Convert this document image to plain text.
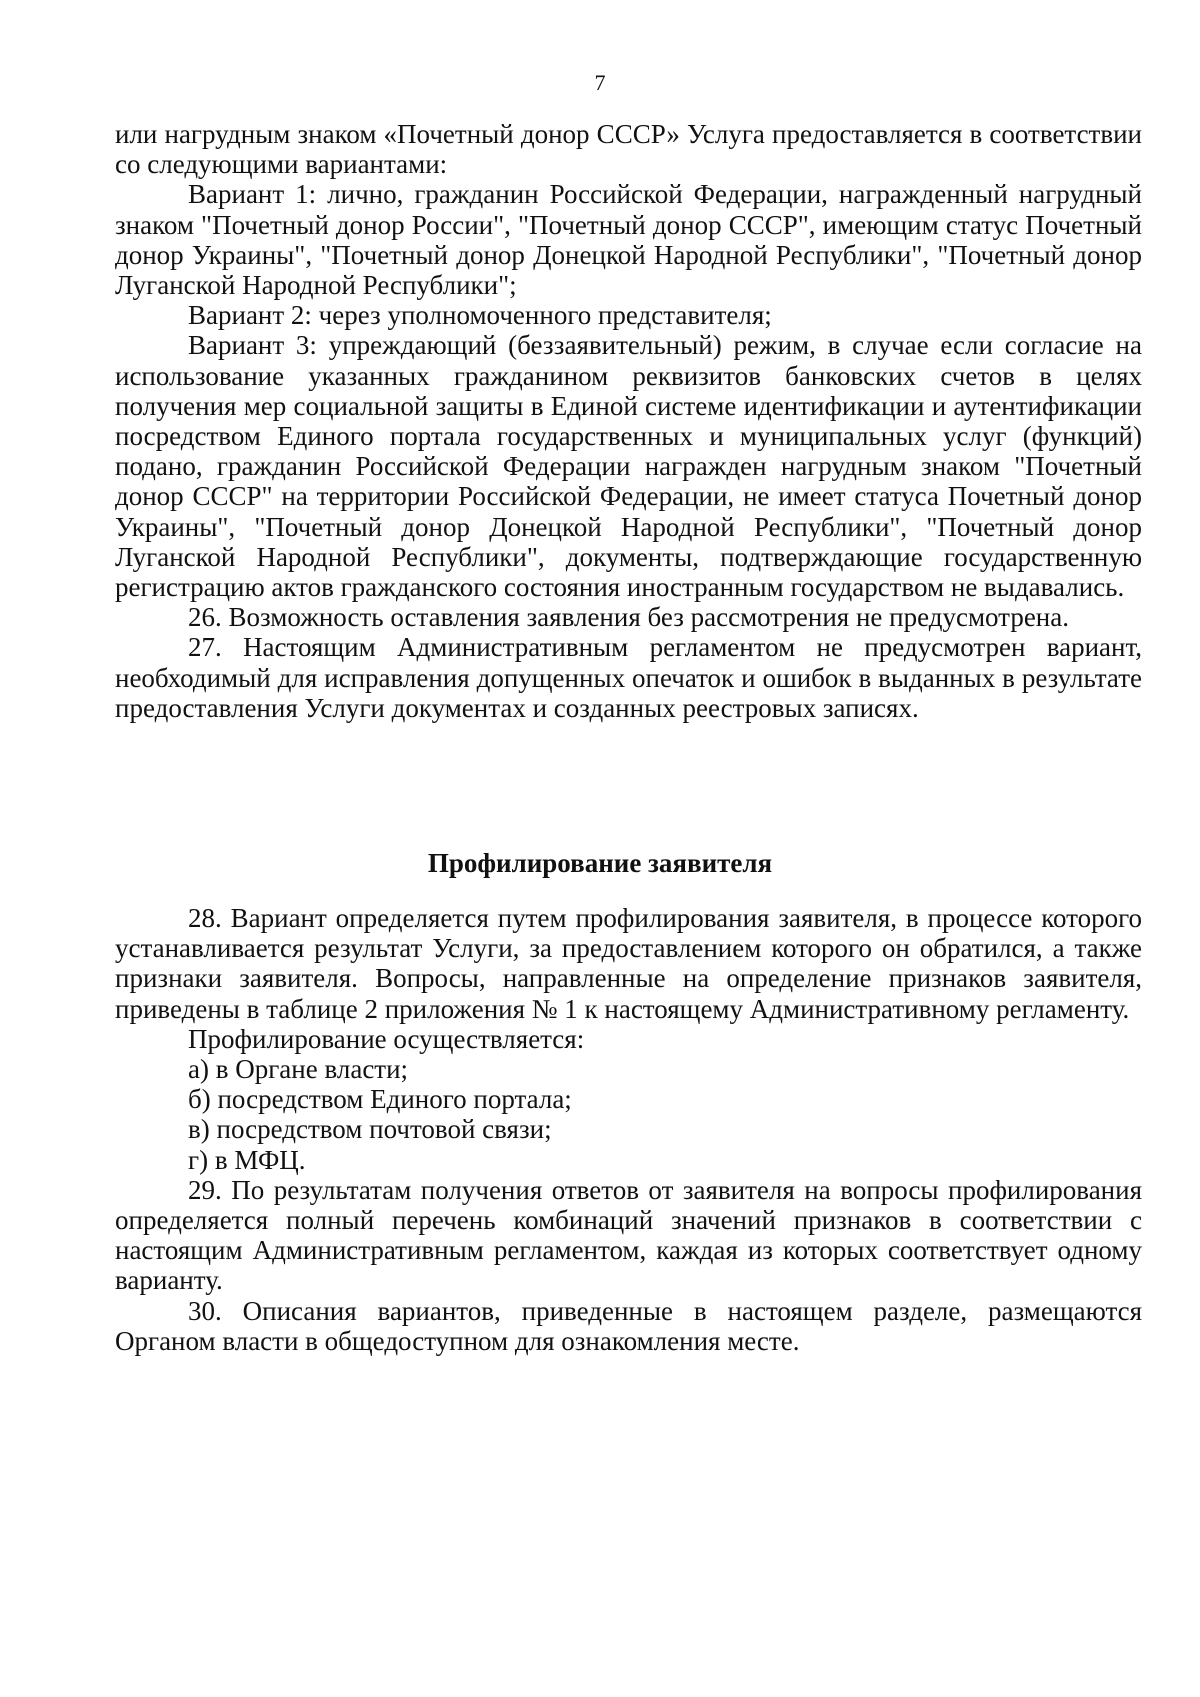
7

или нагрудным знаком «Почетный донор СССР» Услуга предоставляется в соответствии со следующими вариантами:

Вариант 1: лично, гражданин Российской Федерации, награжденный нагрудный знаком "Почетный донор России", "Почетный донор СССР", имеющим статус Почетный донор Украины", "Почетный донор Донецкой Народной Республики", "Почетный донор Луганской Народной Республики";

Вариант 2: через уполномоченного представителя;

Вариант 3: упреждающий (беззаявительный) режим, в случае если согласие на использование указанных гражданином реквизитов банковских счетов в целях получения мер социальной защиты в Единой системе идентификации и аутентификации посредством Единого портала государственных и муниципальных услуг (функций) подано, гражданин Российской Федерации награжден нагрудным знаком "Почетный донор СССР" на территории Российской Федерации, не имеет статуса Почетный донор Украины", "Почетный донор Донецкой Народной Республики", "Почетный донор Луганской Народной Республики", документы, подтверждающие государственную регистрацию актов гражданского состояния иностранным государством не выдавались.

26. Возможность оставления заявления без рассмотрения не предусмотрена.

27. Настоящим Административным регламентом не предусмотрен вариант, необходимый для исправления допущенных опечаток и ошибок в выданных в результате предоставления Услуги документах и созданных реестровых записях.

Профилирование заявителя

28. Вариант определяется путем профилирования заявителя, в процессе которого устанавливается результат Услуги, за предоставлением которого он обратился, а также признаки заявителя. Вопросы, направленные на определение признаков заявителя, приведены в таблице 2 приложения № 1 к настоящему Административному регламенту.

Профилирование осуществляется:

а) в Органе власти;

б) посредством Единого портала;

в) посредством почтовой связи;

г) в МФЦ.

29. По результатам получения ответов от заявителя на вопросы профилирования определяется полный перечень комбинаций значений признаков в соответствии с настоящим Административным регламентом, каждая из которых соответствует одному варианту.

30. Описания вариантов, приведенные в настоящем разделе, размещаются Органом власти в общедоступном для ознакомления месте.
